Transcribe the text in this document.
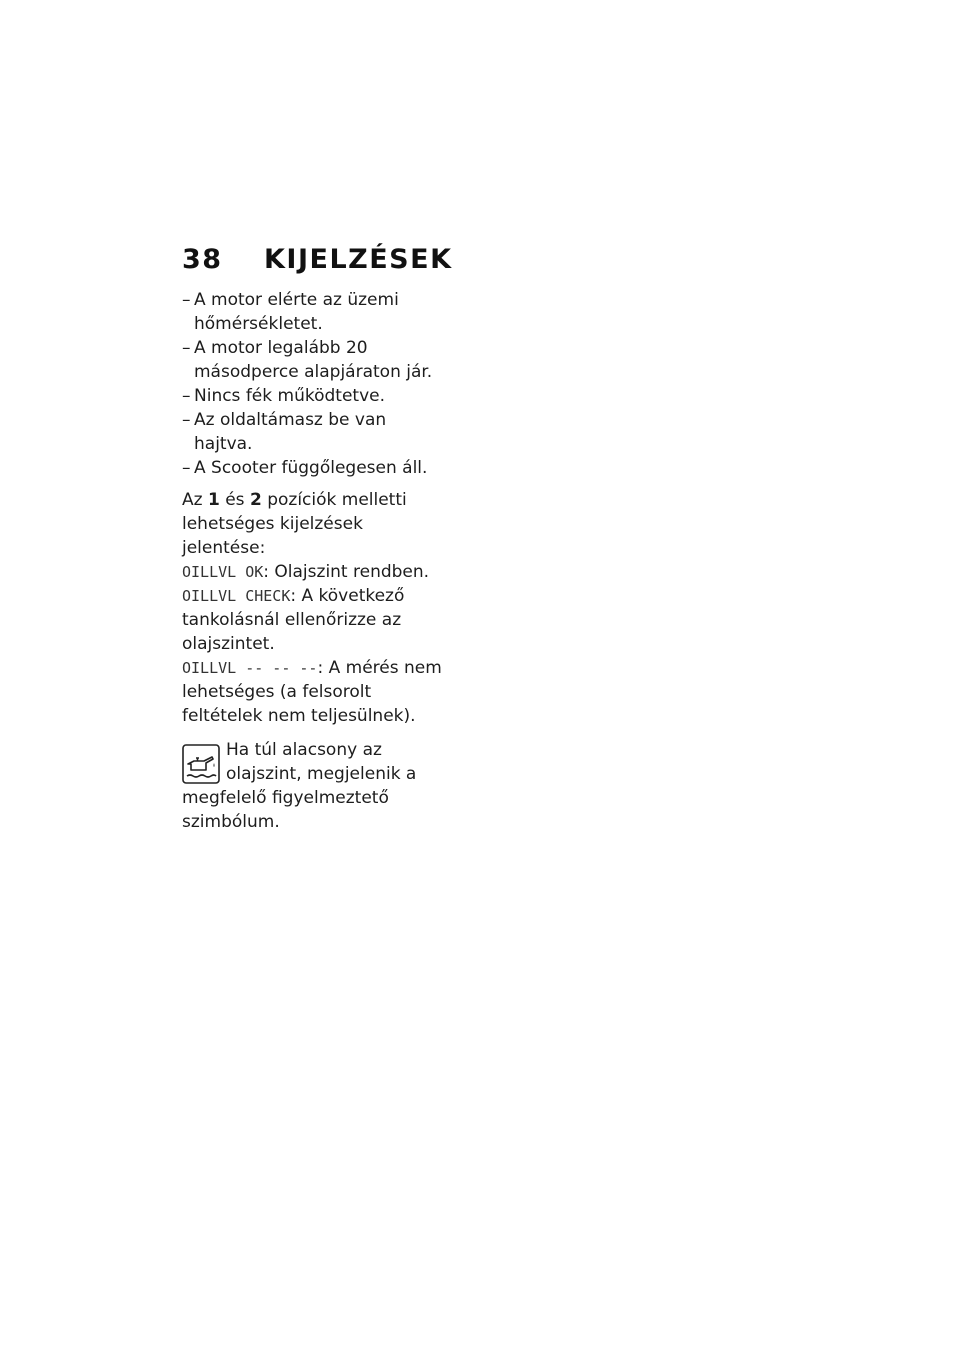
38 KIJELZÉSEK
– A motor elérte az üzemi hőmérsékletet.
– A motor legalább 20 másodperce alapjáraton jár.
– Nincs fék működtetve.
– Az oldaltámasz be van hajtva.
– A Scooter függőlegesen áll.

Az 1 és 2 pozíciók melletti lehetséges kijelzések jelentése:

OILLVL OK: Olajszint rendben.

OILLVL CHECK: A következő tankolásnál ellenőrizze az olajszintet.

OILLVL -- -- --: A mérés nem lehetséges (a felsorolt feltételek nem teljesülnek).

Ha túl alacsony az olajszint, megjelenik a megfelelő figyelmeztető szimbólum.
